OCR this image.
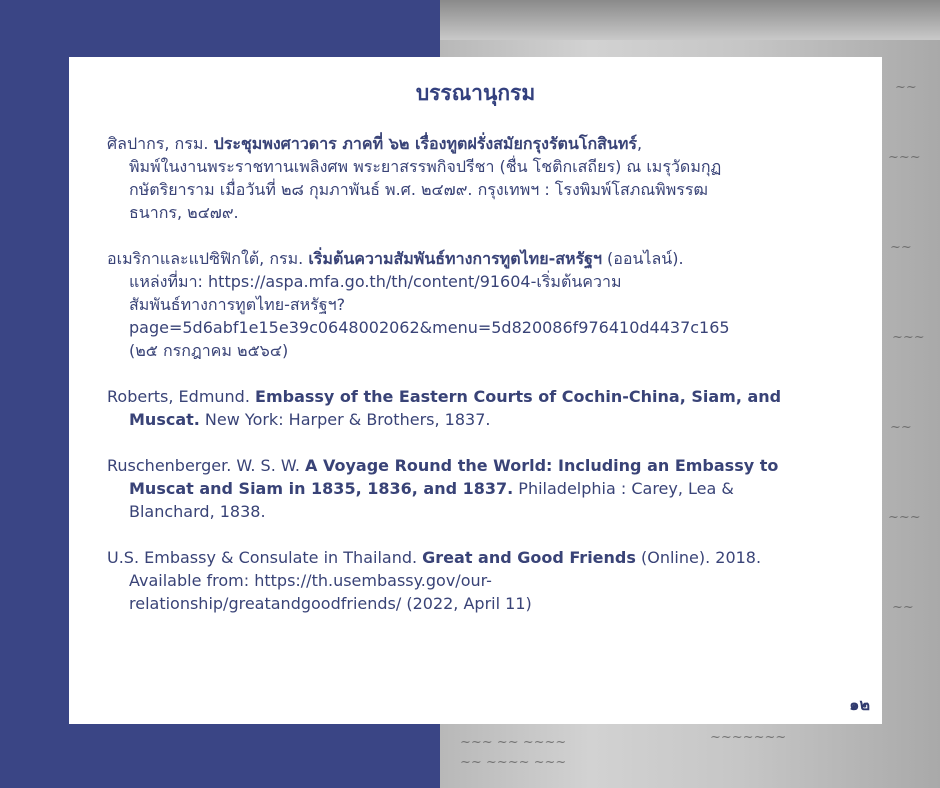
~~
~~~
~~
~~~
~~
~~~
~~
~~~ ~~ ~~~~
~~ ~~~~ ~~~
~~~~~~~
บรรณานุกรม
ศิลปากร, กรม. ประชุมพงศาวดาร ภาคที่ ๖๒ เรื่องทูตฝรั่งสมัยกรุงรัตนโกสินทร์,
พิมพ์ในงานพระราชทานเพลิงศพ พระยาสรรพกิจปรีชา (ชื่น โชติกเสถียร) ณ เมรุวัดมกุฏ
กษัตริยาราม เมื่อวันที่ ๒๘ กุมภาพันธ์ พ.ศ. ๒๔๗๙. กรุงเทพฯ : โรงพิมพ์โสภณพิพรรฒ
ธนากร, ๒๔๗๙.
อเมริกาและแปซิฟิกใต้, กรม. เริ่มต้นความสัมพันธ์ทางการทูตไทย-สหรัฐฯ (ออนไลน์).
แหล่งที่มา: https://aspa.mfa.go.th/th/content/91604-เริ่มต้นความ
สัมพันธ์ทางการทูตไทย-สหรัฐฯ?
page=5d6abf1e15e39c0648002062&menu=5d820086f976410d4437c165
(๒๕ กรกฎาคม ๒๕๖๔)
Roberts, Edmund. Embassy of the Eastern Courts of Cochin-China, Siam, and
Muscat. New York: Harper & Brothers, 1837.
Ruschenberger. W. S. W. A Voyage Round the World: Including an Embassy to
Muscat and Siam in 1835, 1836, and 1837. Philadelphia : Carey, Lea &
Blanchard, 1838.
U.S. Embassy & Consulate in Thailand. Great and Good Friends (Online). 2018.
Available from: https://th.usembassy.gov/our-
relationship/greatandgoodfriends/ (2022, April 11)
๑๒
